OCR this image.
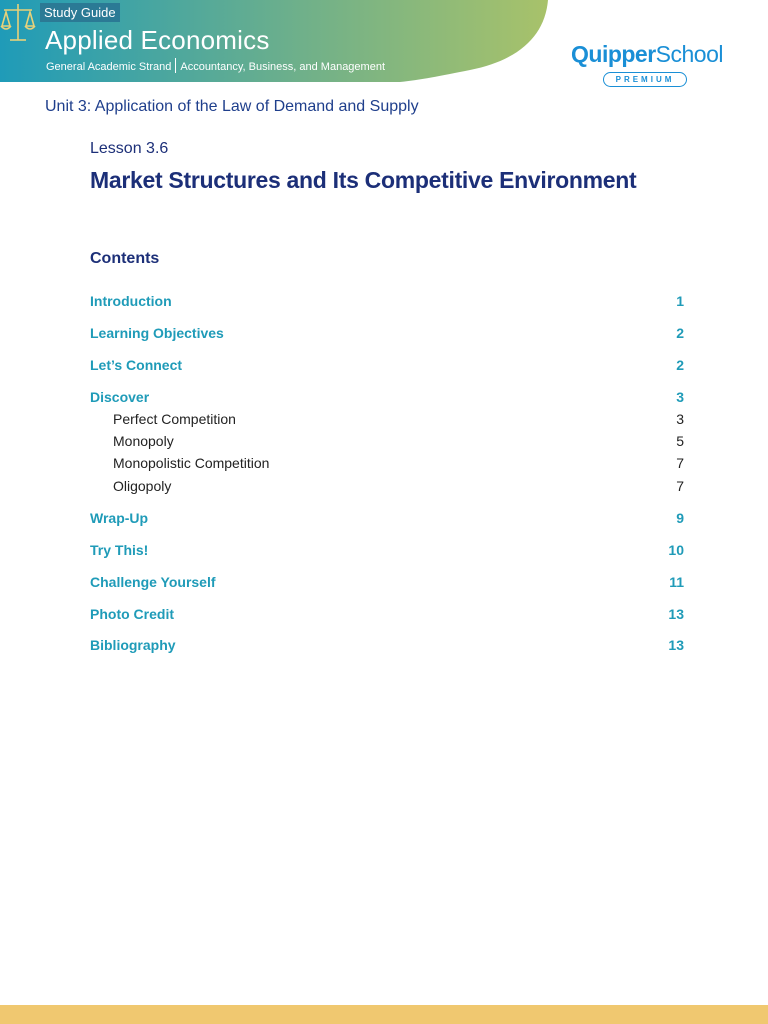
Study Guide
Applied Economics
General Academic Strand Accountancy, Business, and Management	QuipperSchool
PREMIUM
Unit 3: Application of the Law of Demand and Supply
Lesson 3.6
Market Structures and Its Competitive Environment
Contents
Introduction	1
Learning Objectives	2
Let’s Connect	2
Discover	3
Perfect Competition	3
Monopoly	5
Monopolistic Competition	7
Oligopoly	7
Wrap-Up	9
Try This!	10
Challenge Yourself	11
Photo Credit	13
Bibliography	13
